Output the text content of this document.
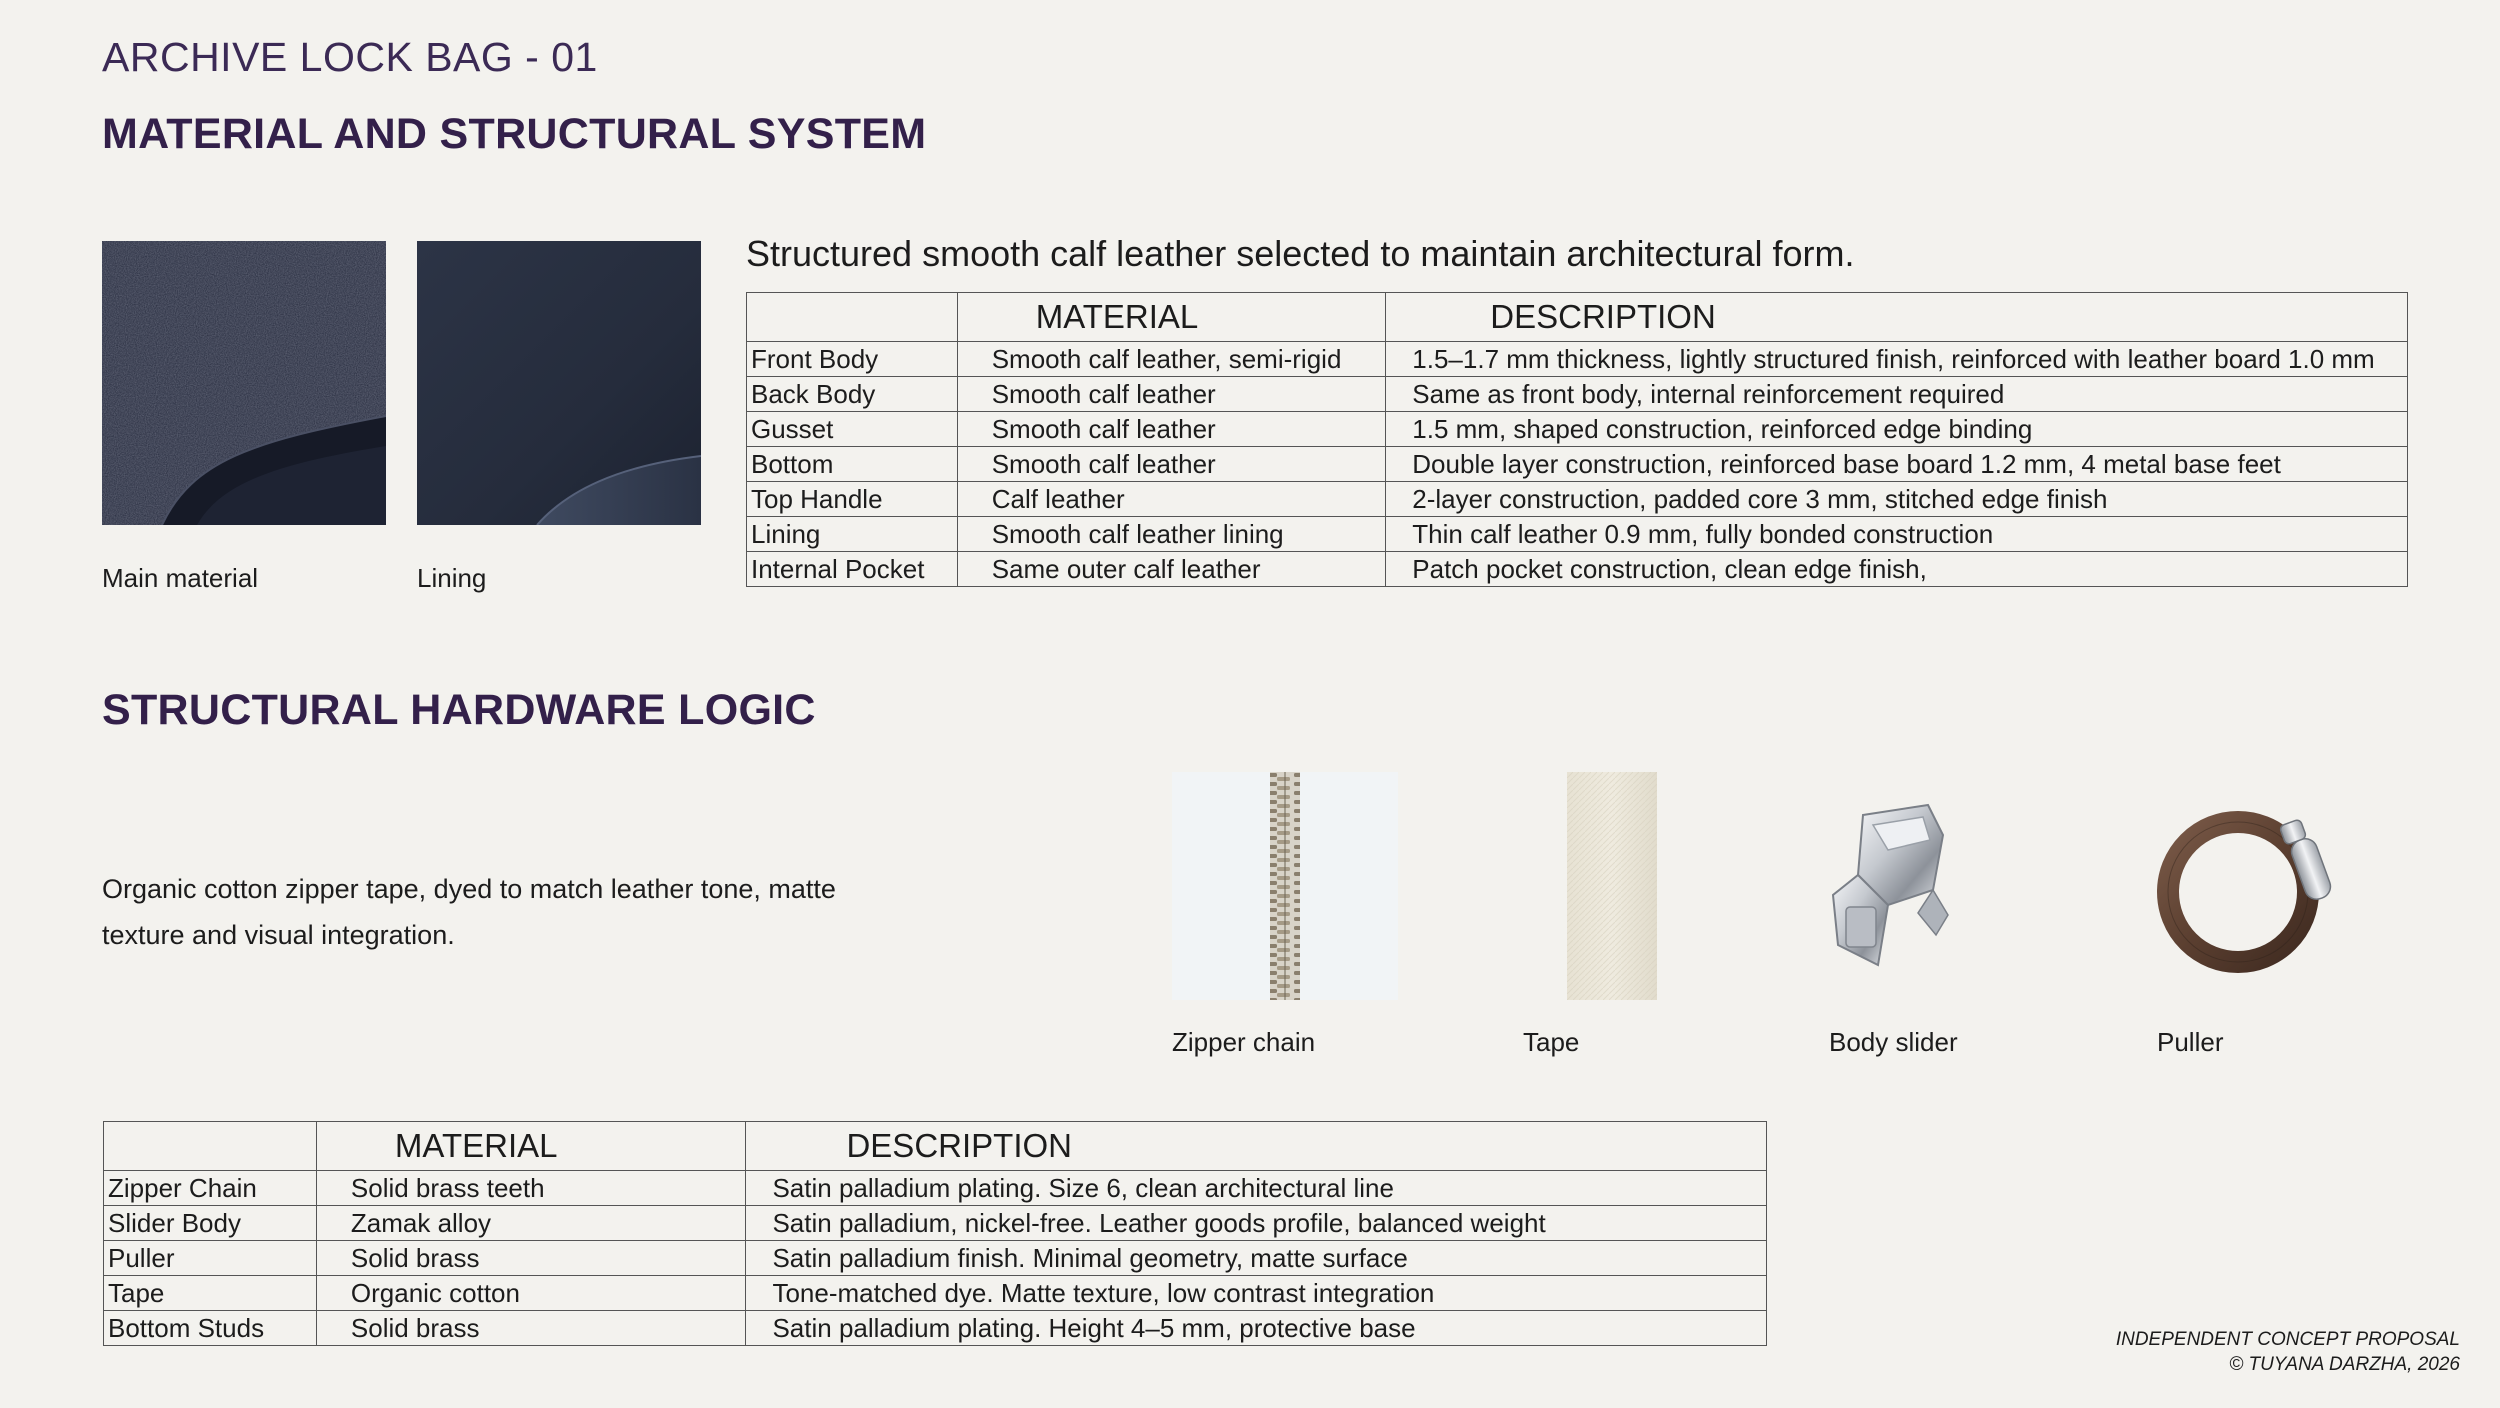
ARCHIVE LOCK BAG - 01
MATERIAL AND STRUCTURAL SYSTEM
Main material	Lining
Structured smooth calf leather selected to maintain architectural form.
	MATERIAL	DESCRIPTION
Front Body	Smooth calf leather, semi-rigid	1.5–1.7 mm thickness, lightly structured finish, reinforced with leather board 1.0 mm
Back Body	Smooth calf leather	Same as front body, internal reinforcement required
Gusset	Smooth calf leather	1.5 mm, shaped construction, reinforced edge binding
Bottom	Smooth calf leather	Double layer construction, reinforced base board 1.2 mm, 4 metal base feet
Top Handle	Calf leather	2-layer construction, padded core 3 mm, stitched edge finish
Lining	Smooth calf leather lining	Thin calf leather 0.9 mm, fully bonded construction
Internal Pocket	Same outer calf leather	Patch pocket construction, clean edge finish,
STRUCTURAL HARDWARE LOGIC
Organic cotton zipper tape, dyed to match leather tone, matte
texture and visual integration.
Zipper chain	Tape	Body slider	Puller
	MATERIAL	DESCRIPTION
Zipper Chain	Solid brass teeth	Satin palladium plating. Size 6, clean architectural line
Slider Body	Zamak alloy	Satin palladium, nickel-free. Leather goods profile, balanced weight
Puller	Solid brass	Satin palladium finish. Minimal geometry, matte surface
Tape	Organic cotton	Tone-matched dye. Matte texture, low contrast integration
Bottom Studs	Solid brass	Satin palladium plating. Height 4–5 mm, protective base	INDEPENDENT CONCEPT PROPOSAL
© TUYANA DARZHA, 2026
